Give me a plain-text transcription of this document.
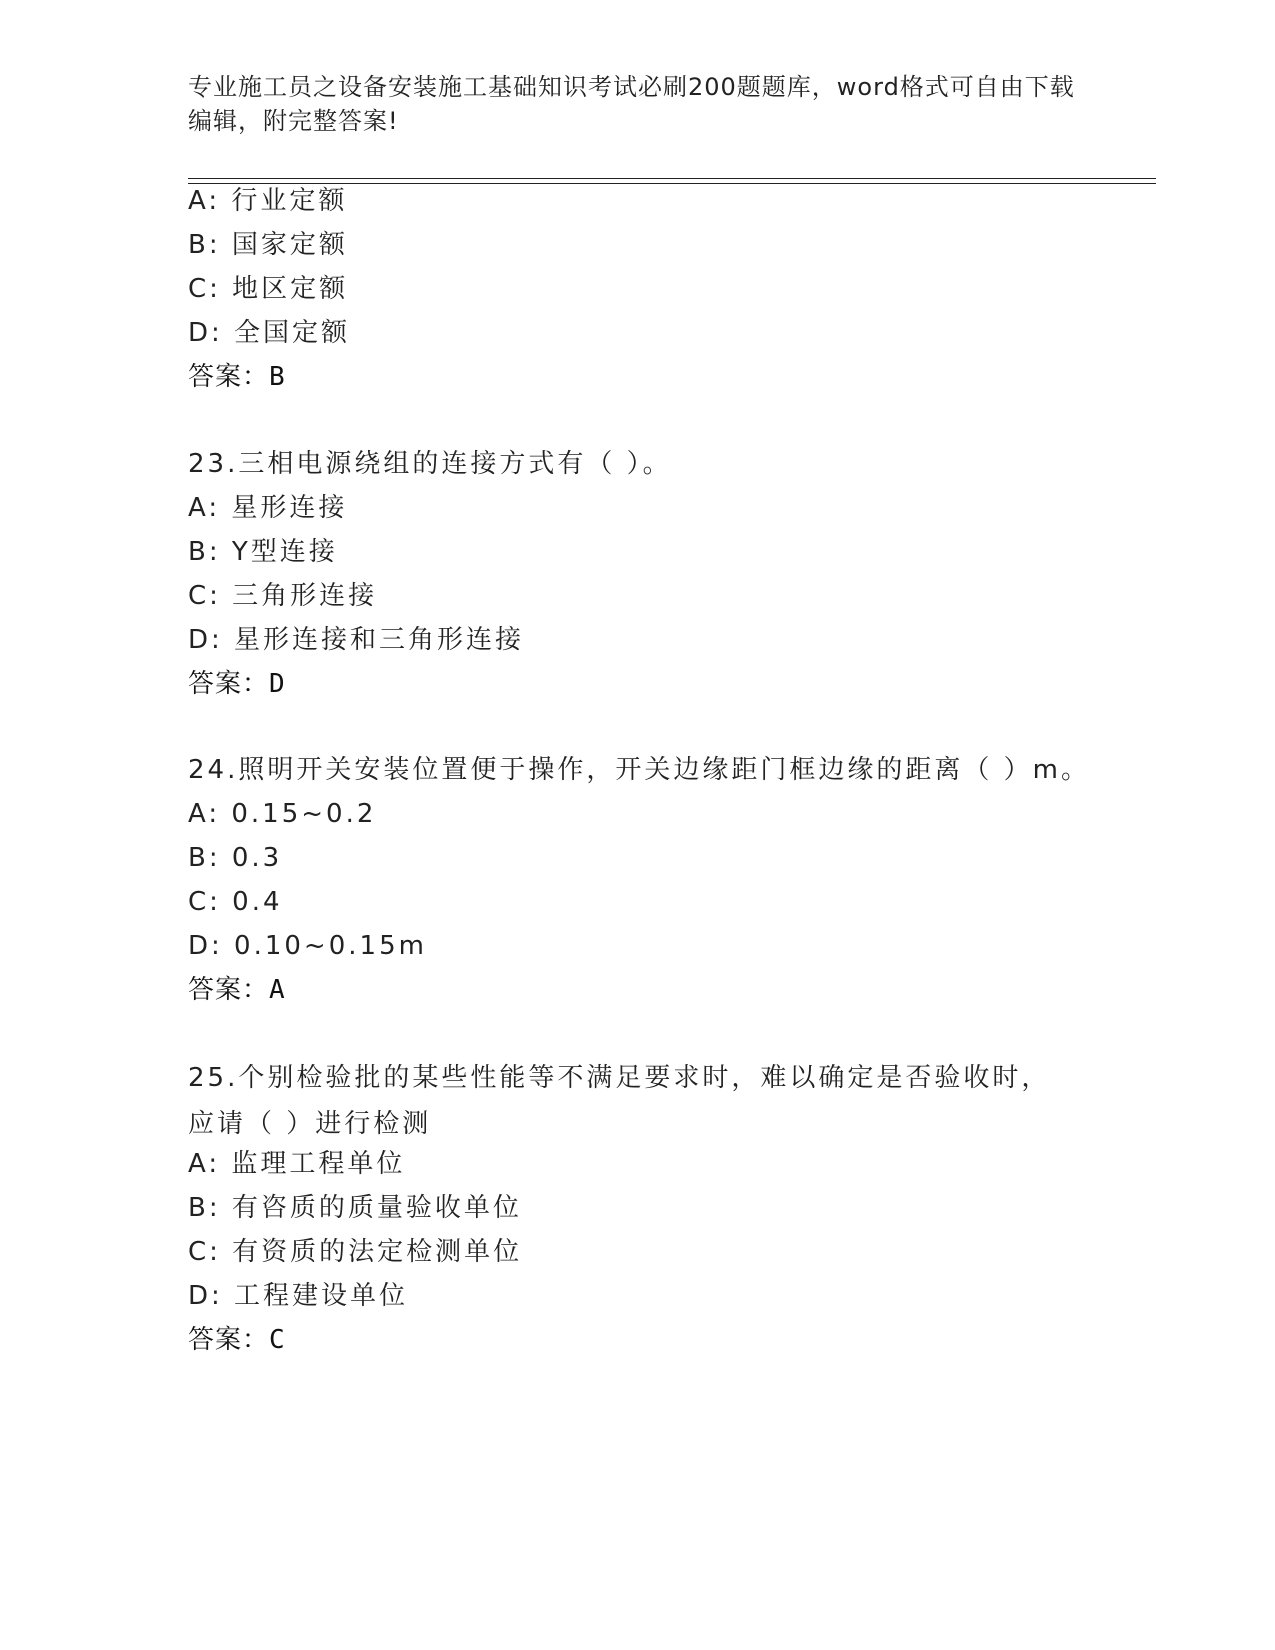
专业施工员之设备安装施工基础知识考试必刷200题题库，word格式可自由下载编辑，附完整答案!
A: 行业定额
B: 国家定额
C: 地区定额
D: 全国定额
答案：B
23.三相电源绕组的连接方式有（ ）。
A: 星形连接
B: Y型连接
C: 三角形连接
D: 星形连接和三角形连接
答案：D
24.照明开关安装位置便于操作，开关边缘距门框边缘的距离（ ）m。
A: 0.15~0.2
B: 0.3
C: 0.4
D: 0.10~0.15m
答案：A
25.个别检验批的某些性能等不满足要求时，难以确定是否验收时，应请（ ）进行检测
A: 监理工程单位
B: 有咨质的质量验收单位
C: 有资质的法定检测单位
D: 工程建设单位
答案：C
